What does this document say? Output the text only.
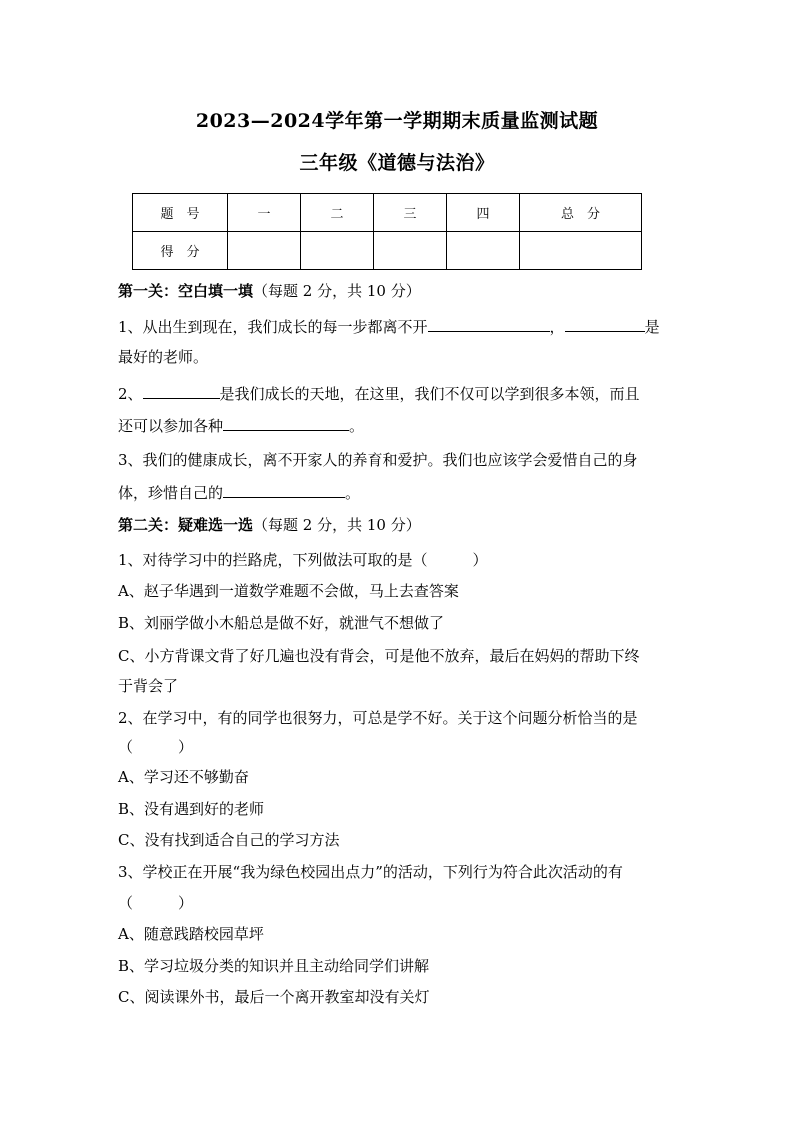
2023—2024学年第一学期期末质量监测试题
三年级《道德与法治》
题　号	一	二	三	四	总　分
得　分					
第一关：空白填一填（每题 2 分，共 10 分）
1、从出生到现在，我们成长的每一步都离不开	，	是
最好的老师。
2、	是我们成长的天地，在这里，我们不仅可以学到很多本领，而且
还可以参加各种	。
3、我们的健康成长，离不开家人的养育和爱护。我们也应该学会爱惜自己的身
体，珍惜自己的	。
第二关：疑难选一选（每题 2 分，共 10 分）
1、对待学习中的拦路虎，下列做法可取的是（　　　）
A、赵子华遇到一道数学难题不会做，马上去查答案
B、刘丽学做小木船总是做不好，就泄气不想做了
C、小方背课文背了好几遍也没有背会，可是他不放弃，最后在妈妈的帮助下终
于背会了
2、在学习中，有的同学也很努力，可总是学不好。关于这个问题分析恰当的是
（　　　）
A、学习还不够勤奋
B、没有遇到好的老师
C、没有找到适合自己的学习方法
3、学校正在开展“我为绿色校园出点力”的活动，下列行为符合此次活动的有
（　　　）
A、随意践踏校园草坪
B、学习垃圾分类的知识并且主动给同学们讲解
C、阅读课外书，最后一个离开教室却没有关灯
